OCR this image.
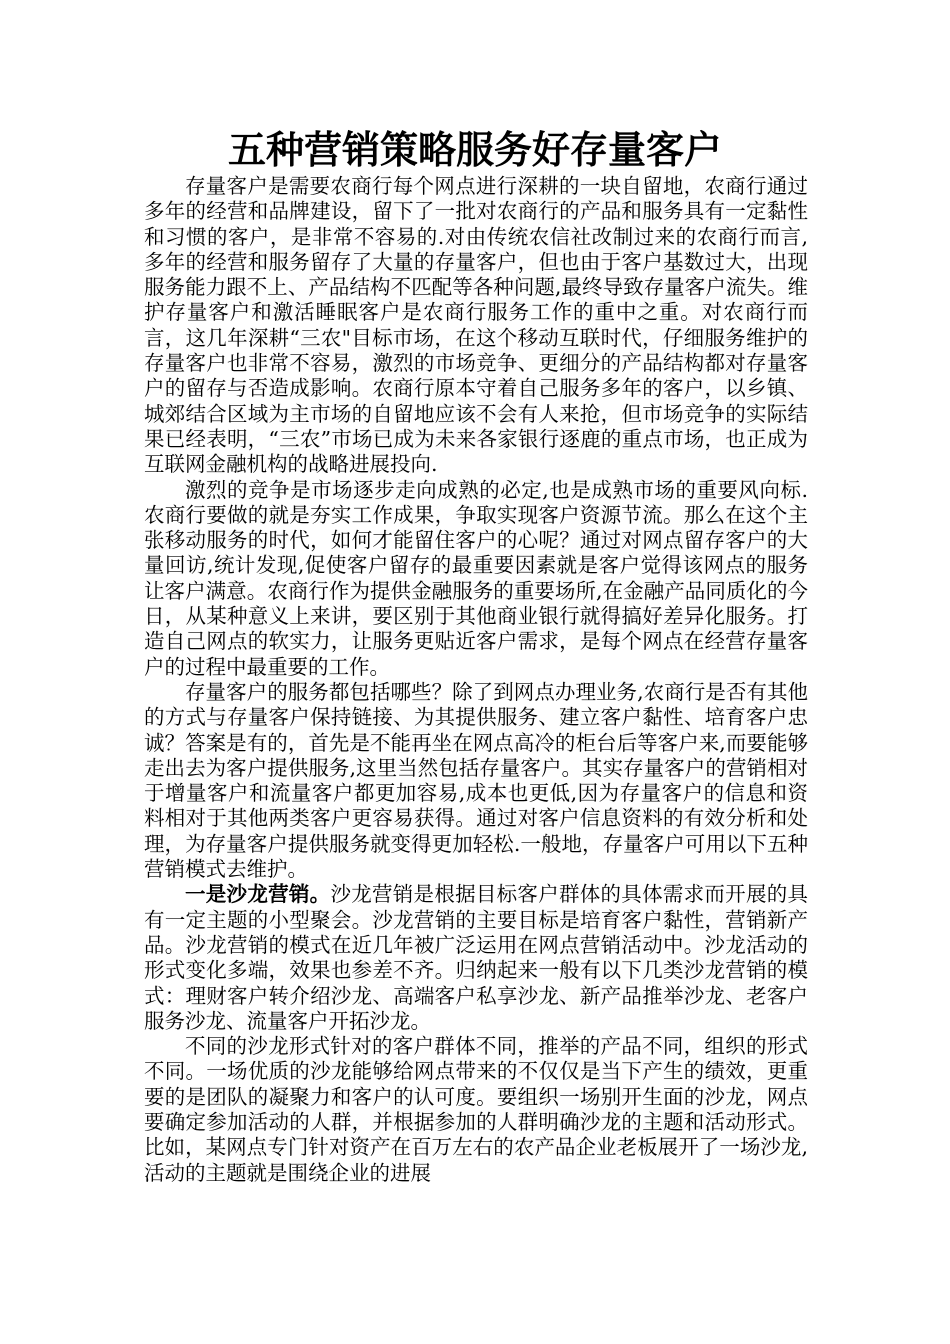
五种营销策略服务好存量客户

存量客户是需要农商行每个网点进行深耕的一块自留地，农商行通过多年的经营和品牌建设，留下了一批对农商行的产品和服务具有一定黏性和习惯的客户，是非常不容易的.对由传统农信社改制过来的农商行而言,多年的经营和服务留存了大量的存量客户，但也由于客户基数过大，出现服务能力跟不上、产品结构不匹配等各种问题,最终导致存量客户流失。维护存量客户和激活睡眠客户是农商行服务工作的重中之重。对农商行而言，这几年深耕“三农"目标市场，在这个移动互联时代，仔细服务维护的存量客户也非常不容易，激烈的市场竞争、更细分的产品结构都对存量客户的留存与否造成影响。农商行原本守着自己服务多年的客户，以乡镇、城郊结合区域为主市场的自留地应该不会有人来抢，但市场竞争的实际结果已经表明，“三农”市场已成为未来各家银行逐鹿的重点市场，也正成为互联网金融机构的战略进展投向.

激烈的竞争是市场逐步走向成熟的必定,也是成熟市场的重要风向标.农商行要做的就是夯实工作成果，争取实现客户资源节流。那么在这个主张移动服务的时代，如何才能留住客户的心呢？通过对网点留存客户的大量回访,统计发现,促使客户留存的最重要因素就是客户觉得该网点的服务让客户满意。农商行作为提供金融服务的重要场所,在金融产品同质化的今日，从某种意义上来讲，要区别于其他商业银行就得搞好差异化服务。打造自己网点的软实力，让服务更贴近客户需求，是每个网点在经营存量客户的过程中最重要的工作。

存量客户的服务都包括哪些？除了到网点办理业务,农商行是否有其他的方式与存量客户保持链接、为其提供服务、建立客户黏性、培育客户忠诚？答案是有的，首先是不能再坐在网点高冷的柜台后等客户来,而要能够走出去为客户提供服务,这里当然包括存量客户。其实存量客户的营销相对于增量客户和流量客户都更加容易,成本也更低,因为存量客户的信息和资料相对于其他两类客户更容易获得。通过对客户信息资料的有效分析和处理，为存量客户提供服务就变得更加轻松.一般地，存量客户可用以下五种营销模式去维护。

一是沙龙营销。沙龙营销是根据目标客户群体的具体需求而开展的具有一定主题的小型聚会。沙龙营销的主要目标是培育客户黏性，营销新产品。沙龙营销的模式在近几年被广泛运用在网点营销活动中。沙龙活动的形式变化多端，效果也参差不齐。归纳起来一般有以下几类沙龙营销的模式：理财客户转介绍沙龙、高端客户私享沙龙、新产品推举沙龙、老客户服务沙龙、流量客户开拓沙龙。

不同的沙龙形式针对的客户群体不同，推举的产品不同，组织的形式不同。一场优质的沙龙能够给网点带来的不仅仅是当下产生的绩效，更重要的是团队的凝聚力和客户的认可度。要组织一场别开生面的沙龙，网点要确定参加活动的人群，并根据参加的人群明确沙龙的主题和活动形式。比如，某网点专门针对资产在百万左右的农产品企业老板展开了一场沙龙,活动的主题就是围绕企业的进展
